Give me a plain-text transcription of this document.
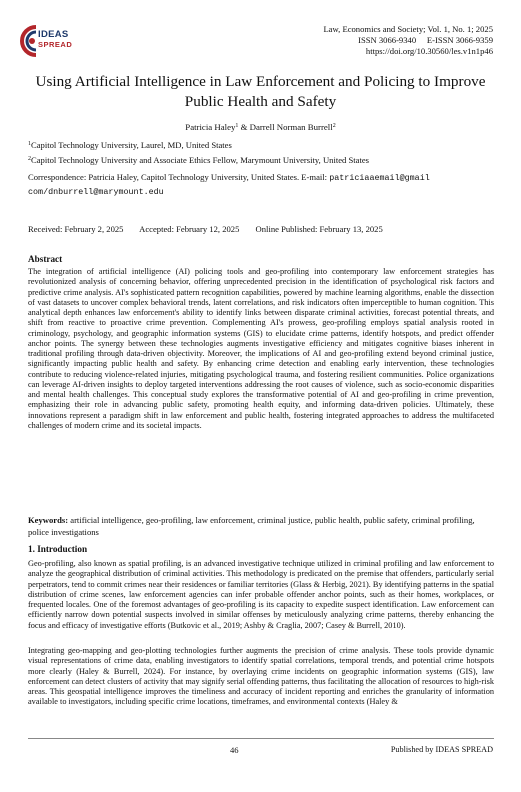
IDEAS
SPREAD
Law, Economics and Society; Vol. 1, No. 1; 2025
ISSN 3066-9340     E-ISSN 3066-9359
https://doi.org/10.30560/les.v1n1p46
Using Artificial Intelligence in Law Enforcement and Policing to Improve Public Health and Safety
Patricia Haley$^1$ & Darrell Norman Burrell$^2$
$^1$Capitol Technology University, Laurel, MD, United States
$^2$Capitol Technology University and Associate Ethics Fellow, Marymount University, United States
Correspondence: Patricia Haley, Capitol Technology University, United States. E-mail: patriciaaemail@gmail com/dnburrell@marymount.edu
Received: February 2, 2025 Accepted: February 12, 2025 Online Published: February 13, 2025
Abstract
The integration of artificial intelligence (AI) policing tools and geo-profiling into contemporary law enforcement strategies has revolutionized analysis of concerning behavior, offering unprecedented precision in the identification of psychological risk factors and predictive crime analysis. AI's sophisticated pattern recognition capabilities, powered by machine learning algorithms, enable the dissection of vast datasets to uncover complex behavioral trends, latent correlations, and risk indicators often imperceptible to human cognition. This analytical depth enhances law enforcement's ability to identify links between disparate criminal activities, forecast potential threats, and shift from reactive to proactive crime prevention. Complementing AI's prowess, geo-profiling employs spatial analysis rooted in criminology, psychology, and geographic information systems (GIS) to elucidate crime patterns, identify hotspots, and predict offender anchor points. The synergy between these technologies augments investigative efficiency and mitigates cognitive biases inherent in traditional profiling through data-driven objectivity. Moreover, the implications of AI and geo-profiling extend beyond criminal justice, significantly impacting public health and safety. By enhancing crime detection and enabling early intervention, these technologies contribute to reducing violence-related injuries, mitigating psychological trauma, and fostering resilient communities. Police organizations can leverage AI-driven insights to deploy targeted interventions addressing the root causes of violence, such as socio-economic disparities and mental health challenges. This conceptual study explores the transformative potential of AI and geo-profiling in crime prevention, emphasizing their role in advancing public safety, promoting health equity, and informing data-driven policies. Ultimately, these innovations represent a paradigm shift in law enforcement and public health, fostering integrated approaches to address the multifaceted challenges of modern crime and its societal impacts.
Keywords: artificial intelligence, geo-profiling, law enforcement, criminal justice, public health, public safety, criminal profiling, police investigations
1. Introduction
Geo-profiling, also known as spatial profiling, is an advanced investigative technique utilized in criminal profiling and law enforcement to analyze the geographical distribution of criminal activities. This methodology is predicated on the premise that offenders, particularly serial perpetrators, tend to commit crimes near their residences or familiar territories (Glass & Herbig, 2021). By identifying patterns in the spatial distribution of crime scenes, law enforcement agencies can infer probable offender anchor points, such as their homes, workplaces, or frequented locales. One of the foremost advantages of geo-profiling is its capacity to expedite suspect identification. Law enforcement can efficiently narrow down potential suspects involved in similar offenses by meticulously analyzing crime patterns, thereby enhancing the focus and efficacy of investigative efforts (Butkovic et al., 2019; Ashby & Craglia, 2007; Casey & Burrell, 2010).
Integrating geo-mapping and geo-plotting technologies further augments the precision of crime analysis. These tools provide dynamic visual representations of crime data, enabling investigators to identify spatial correlations, temporal trends, and potential crime hotspots more clearly (Haley & Burrell, 2024). For instance, by overlaying crime incidents on geographic information systems (GIS), law enforcement can detect clusters of activity that may signify serial offending patterns, thus facilitating the allocation of resources to high-risk areas. This geospatial intelligence improves the timeliness and accuracy of incident reporting and enriches the granularity of information available to investigators, including specific crime locations, timeframes, and environmental contexts (Haley &
46	Published by IDEAS SPREAD
